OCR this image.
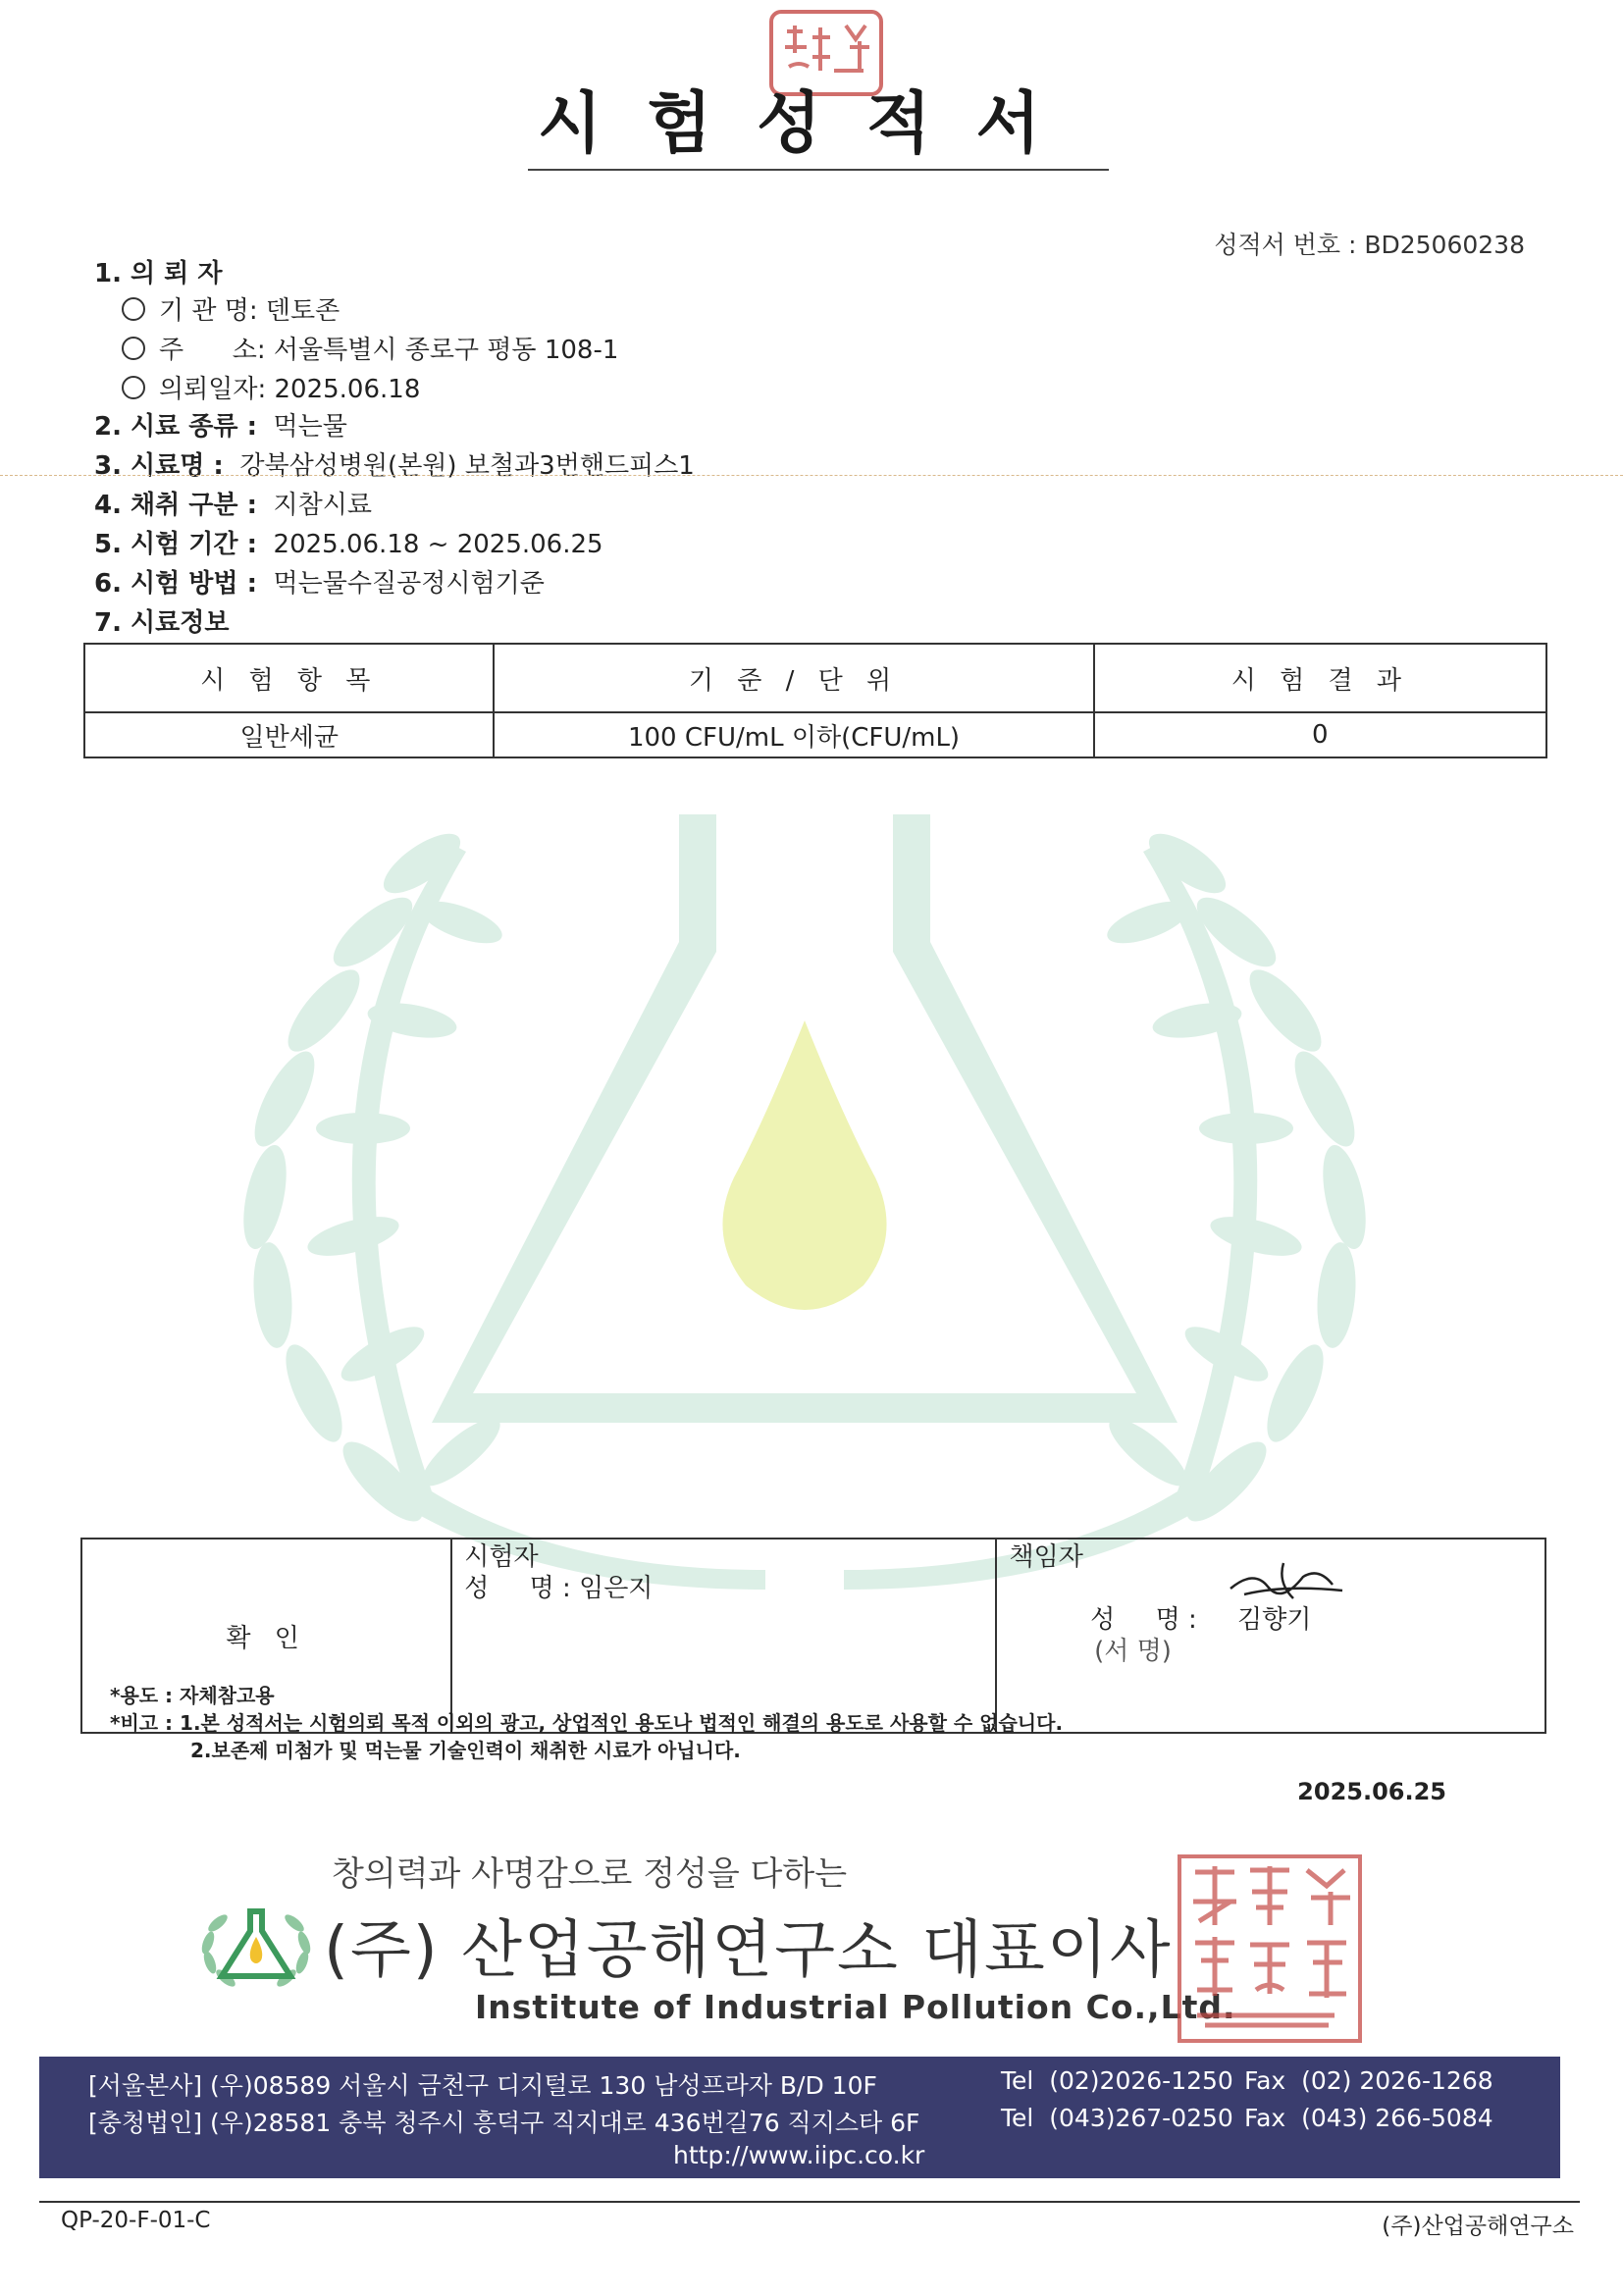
시험성적서
성적서 번호 : BD25060238
1. 의 뢰 자
기 관 명: 덴토존
주      소: 서울특별시 종로구 평동 108-1
의뢰일자: 2025.06.18
2. 시료 종류 : 먹는물
3. 시료명 : 강북삼성병원(본원) 보철과3번핸드피스1
4. 채취 구분 : 지참시료
5. 시험 기간 : 2025.06.18 ~ 2025.06.25
6. 시험 방법 : 먹는물수질공정시험기준
7. 시료정보
시 험 항 목	기 준 / 단 위	시 험 결 과
일반세균	100 CFU/mL 이하(CFU/mL)	0
확 인	
시험자
성     명 : 임은지

책임자

성     명 :     김향기
(서 명)

*용도 : 자체참고용
*비고 : 1.본 성적서는 시험의뢰 목적 이외의 광고, 상업적인 용도나 법적인 해결의 용도로 사용할 수 없습니다.
2.보존제 미첨가 및 먹는물 기술인력이 채취한 시료가 아닙니다.
2025.06.25
창의력과 사명감으로 정성을 다하는
(주) 산업공해연구소 대표이사
Institute of Industrial Pollution Co.,Ltd.
[서울본사] (우)08589 서울시 금천구 디지털로 130 남성프라자 B/D 10F	Tel  (02)2026-1250 Fax  (02) 2026-1268
[충청법인] (우)28581 충북 청주시 흥덕구 직지대로 436번길76 직지스타 6F	Tel  (043)267-0250 Fax  (043) 266-5084
http://www.iipc.co.kr
QP-20-F-01-C	(주)산업공해연구소
